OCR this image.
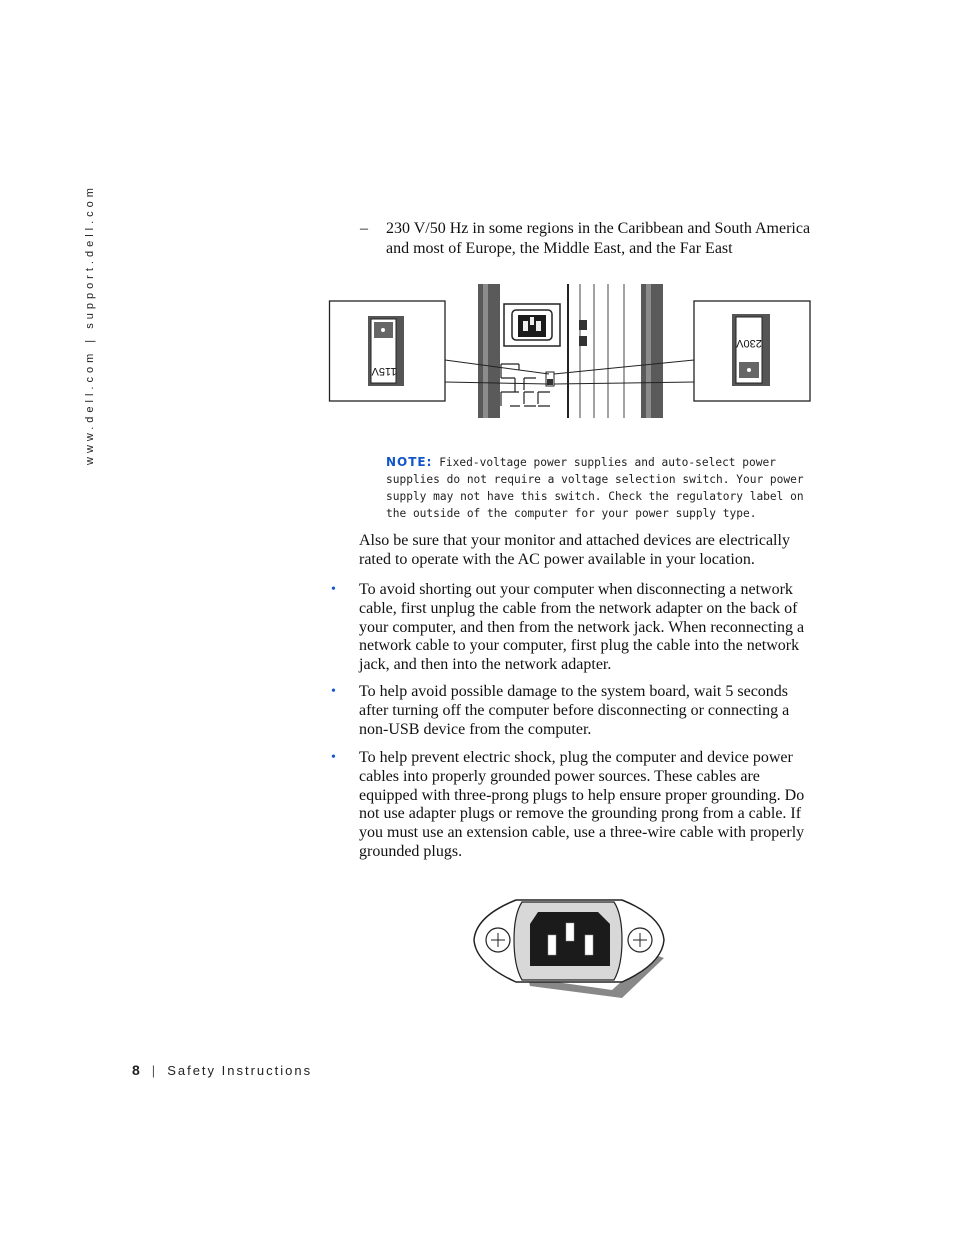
www.dell.com | support.dell.com	– 230 V/50 Hz in some regions in the Caribbean and South America and most of Europe, the Middle East, and the Far East
115V
230V
NOTE: Fixed-voltage power supplies and auto-select power supplies do not require a voltage selection switch. Your power supply may not have this switch. Check the regulatory label on the outside of the computer for your power supply type.
Also be sure that your monitor and attached devices are electrically rated to operate with the AC power available in your location.
• To avoid shorting out your computer when disconnecting a network cable, first unplug the cable from the network adapter on the back of your computer, and then from the network jack. When reconnecting a network cable to your computer, first plug the cable into the network jack, and then into the network adapter.
• To help avoid possible damage to the system board, wait 5 seconds after turning off the computer before disconnecting or connecting a non-USB device from the computer.
• To help prevent electric shock, plug the computer and device power cables into properly grounded power sources. These cables are equipped with three-prong plugs to help ensure proper grounding. Do not use adapter plugs or remove the grounding prong from a cable. If you must use an extension cable, use a three-wire cable with properly grounded plugs.
8 | Safety Instructions
